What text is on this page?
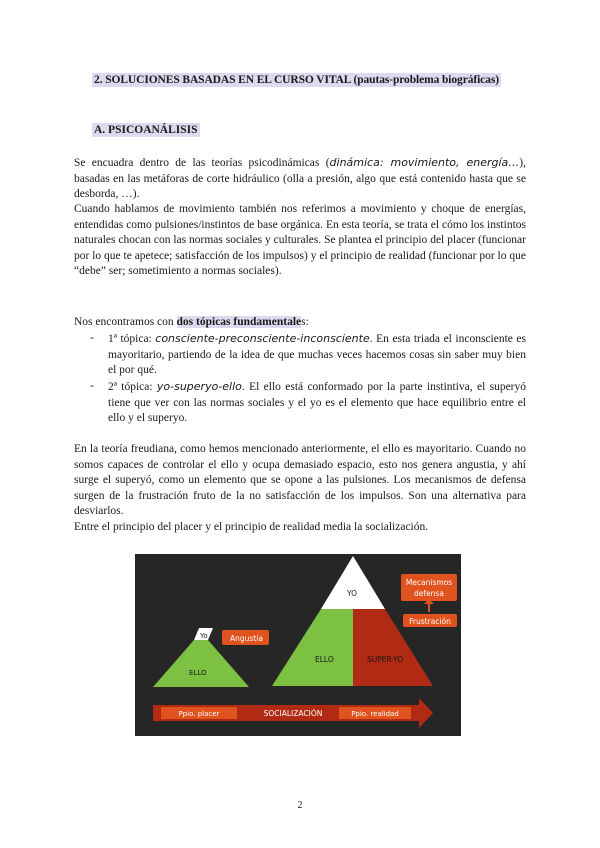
2. SOLUCIONES BASADAS EN EL CURSO VITAL (pautas-problema biográficas)
A. PSICOANÁLISIS

Se encuadra dentro de las teorías psicodinámicas (dinámica: movimiento, energía…), basadas en las metáforas de corte hidráulico (olla a presión, algo que está contenido hasta que se desborda, …).

Cuando hablamos de movimiento también nos referimos a movimiento y choque de energías, entendidas como pulsiones/instintos de base orgánica. En esta teoría, se trata el cómo los instintos naturales chocan con las normas sociales y culturales. Se plantea el principio del placer (funcionar por lo que te apetece; satisfacción de los impulsos) y el principio de realidad (funcionar por lo que “debe” ser; sometimiento a normas sociales).

Nos encontramos con dos tópicas fundamentales:

- 1ª tópica: consciente-preconsciente-inconsciente. En esta triada el inconsciente es mayoritario, partiendo de la idea de que muchas veces hacemos cosas sin saber muy bien el por qué.
- 2ª tópica: yo-superyo-ello. El ello está conformado por la parte instintiva, el superyó tiene que ver con las normas sociales y el yo es el elemento que hace equilibrio entre el ello y el superyo.

En la teoría freudiana, como hemos mencionado anteriormente, el ello es mayoritario. Cuando no somos capaces de controlar el ello y ocupa demasiado espacio, esto nos genera angustia, y ahí surge el superyó, como un elemento que se opone a las pulsiones. Los mecanismos de defensa surgen de la frustración fruto de la no satisfacción de los impulsos. Son una alternativa para desviarlos.

Entre el principio del placer y el principio de realidad media la socialización.

Yo
ELLO
Angustia
YO
ELLO	SUPER-YO
Mecanismos
defensa
Frustración
Ppio. placer	SOCIALIZACIÓN	Ppio. realidad
2
